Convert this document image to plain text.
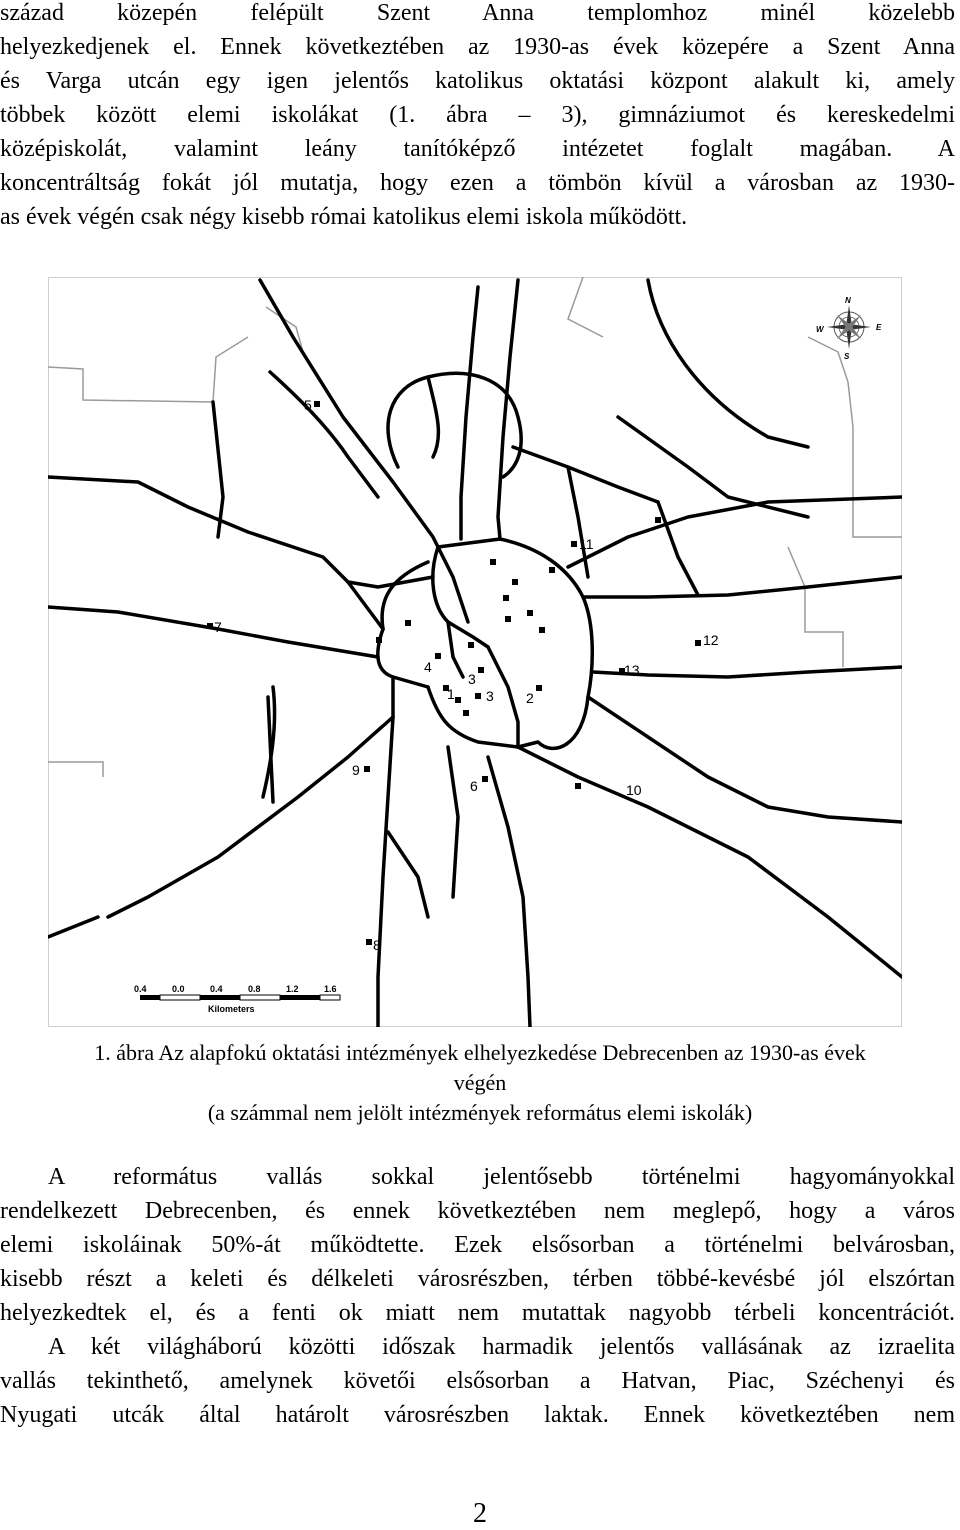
század közepén felépült Szent Anna templomhoz minél közelebb
helyezkedjenek el. Ennek következtében az 1930-as évek közepére a Szent Anna
és Varga utcán egy igen jelentős katolikus oktatási központ alakult ki, amely
többek között elemi iskolákat (1. ábra – 3), gimnáziumot és kereskedelmi
középiskolát, valamint leány tanítóképző intézetet foglalt magában. A
koncentráltság fokát jól mutatja, hogy ezen a tömbön kívül a városban az 1930-
as évek végén csak négy kisebb római katolikus elemi iskola működött.
1	2
3
3
4
5
6
7
8
9
10
11
12
13
N
S
E
W
0.4	0.0	0.4	0.8	1.2	1.6
Kilometers
1. ábra Az alapfokú oktatási intézmények elhelyezkedése Debrecenben az 1930-as évek
végén
(a számmal nem jelölt intézmények református elemi iskolák)
A református vallás sokkal jelentősebb történelmi hagyományokkal
rendelkezett Debrecenben, és ennek következtében nem meglepő, hogy a város
elemi iskoláinak 50%-át működtette. Ezek elsősorban a történelmi belvárosban,
kisebb részt a keleti és délkeleti városrészben, térben többé-kevésbé jól elszórtan
helyezkedtek el, és a fenti ok miatt nem mutattak nagyobb térbeli koncentrációt.
A két világháború közötti időszak harmadik jelentős vallásának az izraelita
vallás tekinthető, amelynek követői elsősorban a Hatvan, Piac, Széchenyi és
Nyugati utcák által határolt városrészben laktak. Ennek következtében nem
2
